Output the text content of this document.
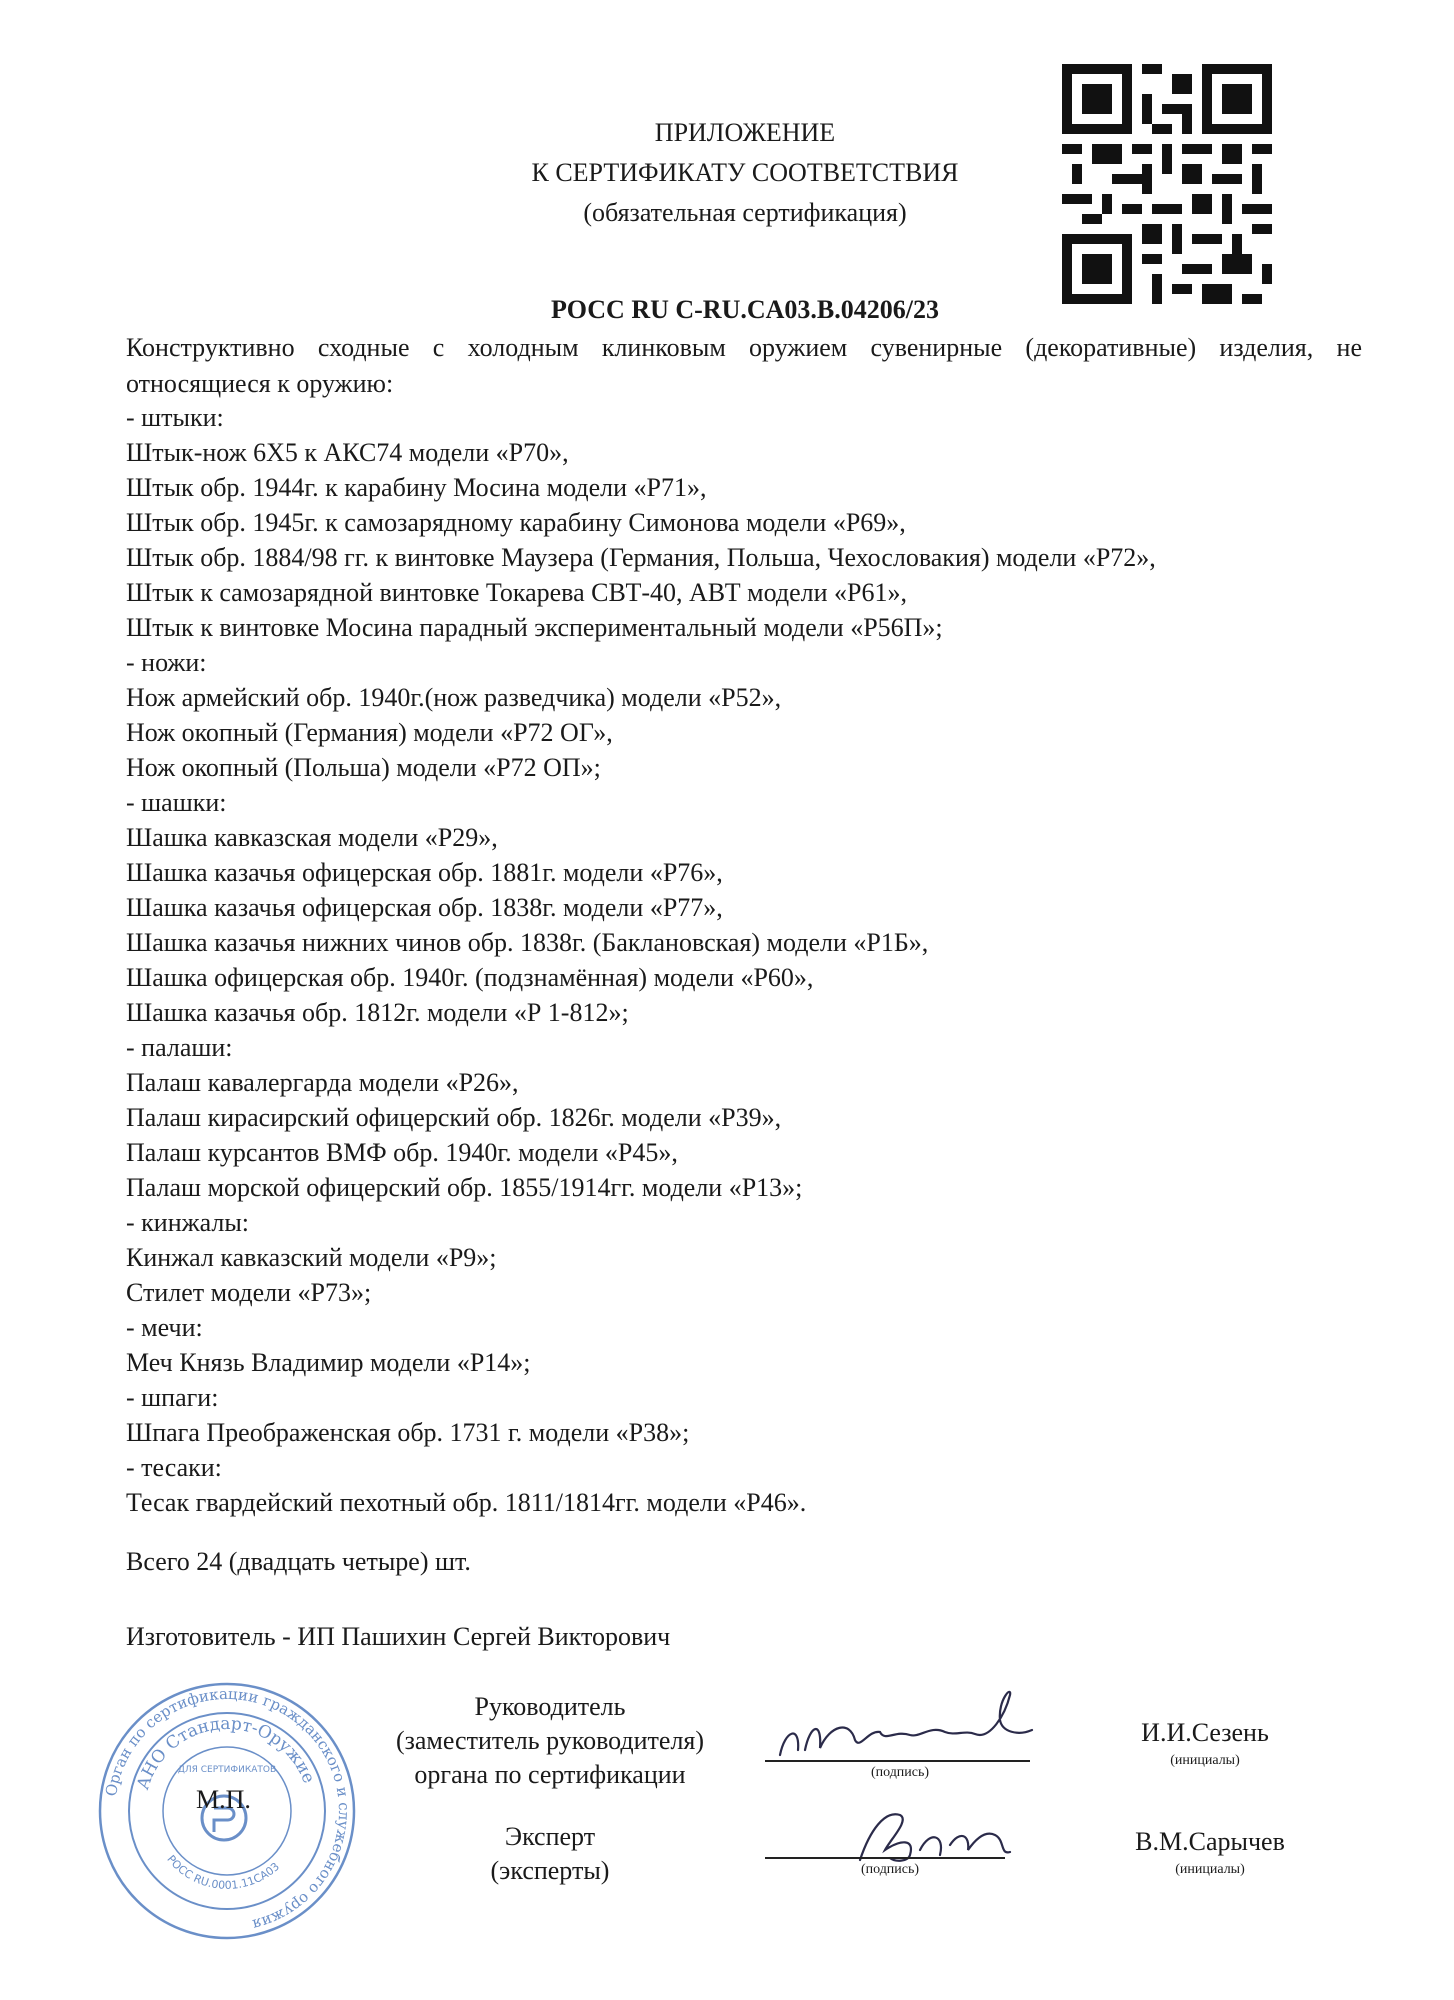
ПРИЛОЖЕНИЕ
К СЕРТИФИКАТУ СООТВЕТСТВИЯ
(обязательная сертификация)
РОСС RU C-RU.CA03.B.04206/23
Конструктивно сходные с холодным клинковым оружием сувенирные (декоративные) изделия, не относящиеся к оружию:
- штыки:
Штык-нож 6Х5 к АКС74 модели «Р70»,
Штык обр. 1944г. к карабину Мосина модели «Р71»,
Штык обр. 1945г. к самозарядному карабину Симонова модели «Р69»,
Штык обр. 1884/98 гг. к винтовке Маузера (Германия, Польша, Чехословакия) модели «Р72»,
Штык к самозарядной винтовке Токарева СВТ-40, АВТ модели «Р61»,
Штык к винтовке Мосина парадный экспериментальный модели «Р56П»;
- ножи:
Нож армейский обр. 1940г.(нож разведчика) модели «Р52»,
Нож окопный (Германия) модели «Р72 ОГ»,
Нож окопный (Польша) модели «Р72 ОП»;
- шашки:
Шашка кавказская модели «Р29»,
Шашка казачья офицерская обр. 1881г. модели «Р76»,
Шашка казачья офицерская обр. 1838г. модели «Р77»,
Шашка казачья нижних чинов обр. 1838г. (Баклановская) модели «Р1Б»,
Шашка офицерская обр. 1940г. (подзнамённая) модели «Р60»,
Шашка казачья обр. 1812г. модели «Р 1-812»;
- палаши:
Палаш кавалергарда модели «Р26»,
Палаш кирасирский офицерский обр. 1826г. модели «Р39»,
Палаш курсантов ВМФ обр. 1940г. модели «Р45»,
Палаш морской офицерский обр. 1855/1914гг. модели «Р13»;
- кинжалы:
Кинжал кавказский модели «Р9»;
Стилет модели «Р73»;
- мечи:
Меч Князь Владимир модели «Р14»;
- шпаги:
Шпага Преображенская обр. 1731 г. модели «Р38»;
- тесаки:
Тесак гвардейский пехотный обр. 1811/1814гг. модели «Р46».
Всего 24 (двадцать четыре) шт.
Изготовитель - ИП Пашихин Сергей Викторович
Орган по сертификации гражданского и служебного оружия
АНО Стандарт-Оружие
РОСС RU.0001.11СА03
ДЛЯ СЕРТИФИКАТОВ
М.П.
Руководитель
(заместитель руководителя)
органа по сертификации
Эксперт
(эксперты)
(подпись)
(подпись)
И.И.Сезень
(инициалы)
В.М.Сарычев
(инициалы)
